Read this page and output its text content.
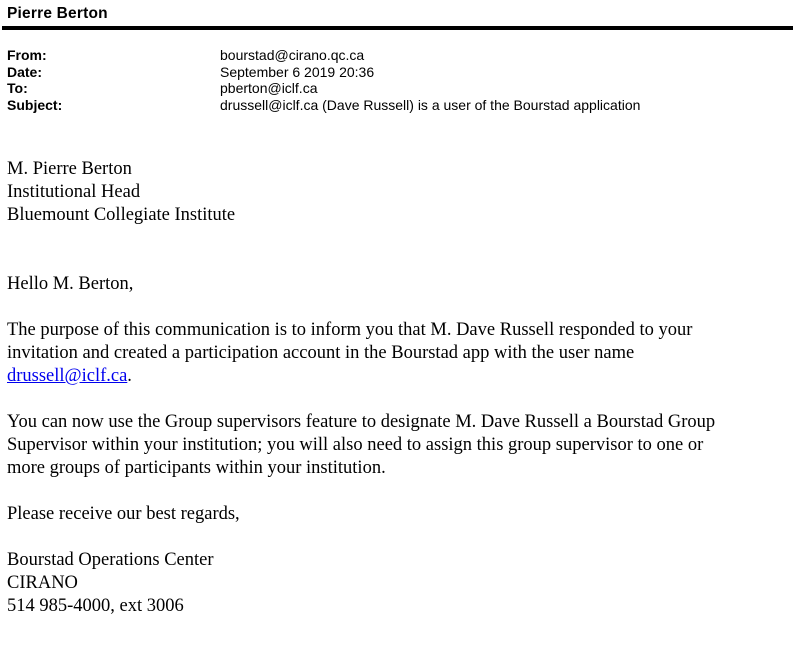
Pierre Berton
From:	bourstad@cirano.qc.ca
Date:	September 6 2019 20:36
To:	pberton@iclf.ca
Subject:	drussell@iclf.ca (Dave Russell) is a user of the Bourstad application
M. Pierre Berton
Institutional Head
Bluemount Collegiate Institute
Hello M. Berton,
The purpose of this communication is to inform you that M. Dave Russell responded to your
invitation and created a participation account in the Bourstad app with the user name
drussell@iclf.ca.
You can now use the Group supervisors feature to designate M. Dave Russell a Bourstad Group
Supervisor within your institution; you will also need to assign this group supervisor to one or
more groups of participants within your institution.
Please receive our best regards,
Bourstad Operations Center
CIRANO
514 985-4000, ext 3006
